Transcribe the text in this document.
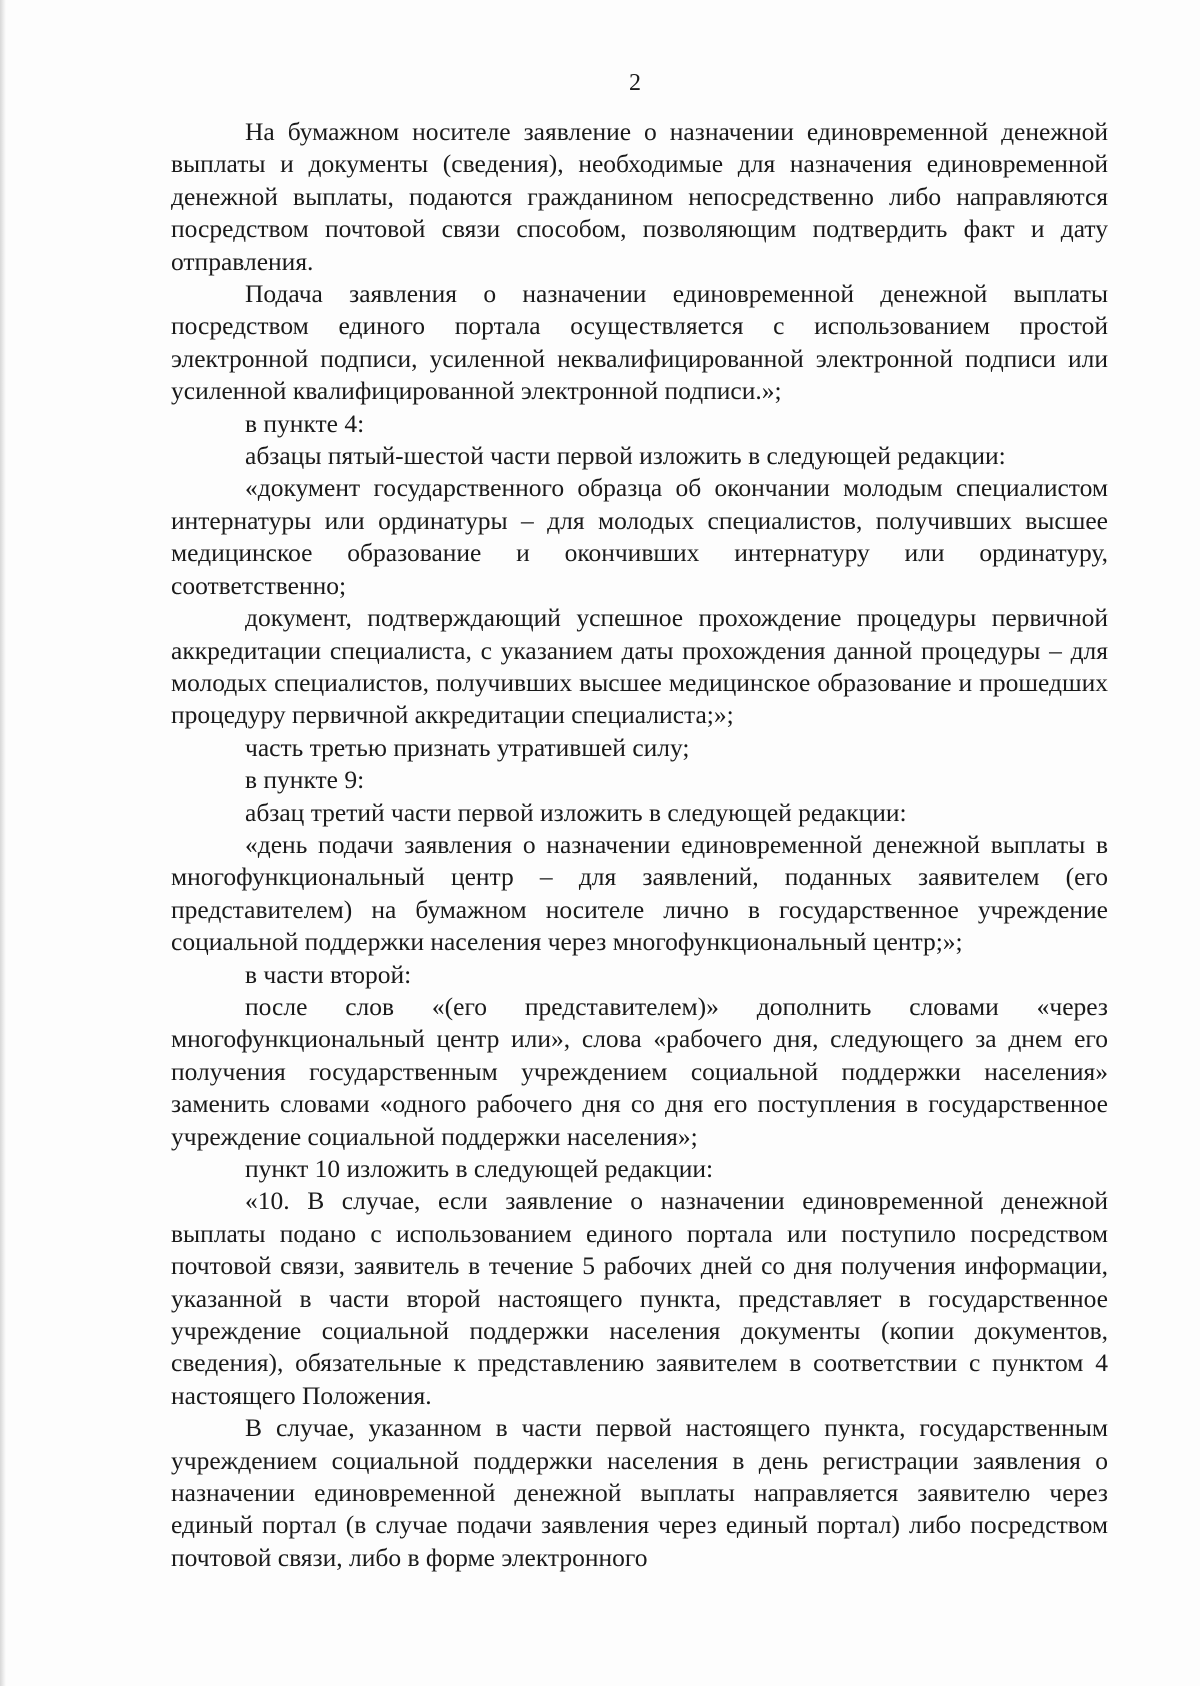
2

На бумажном носителе заявление о назначении единовременной денежной выплаты и документы (сведения), необходимые для назначения единовременной денежной выплаты, подаются гражданином непосредственно либо направляются посредством почтовой связи способом, позволяющим подтвердить факт и дату отправления.

Подача заявления о назначении единовременной денежной выплаты посредством единого портала осуществляется с использованием простой электронной подписи, усиленной неквалифицированной электронной подписи или усиленной квалифицированной электронной подписи.»;

в пункте 4:

абзацы пятый-шестой части первой изложить в следующей редакции:

«документ государственного образца об окончании молодым специалистом интернатуры или ординатуры – для молодых специалистов, получивших высшее медицинское образование и окончивших интернатуру или ординатуру, соответственно;

документ, подтверждающий успешное прохождение процедуры первичной аккредитации специалиста, с указанием даты прохождения данной процедуры – для молодых специалистов, получивших высшее медицинское образование и прошедших процедуру первичной аккредитации специалиста;»;

часть третью признать утратившей силу;

в пункте 9:

абзац третий части первой изложить в следующей редакции:

«день подачи заявления о назначении единовременной денежной выплаты в многофункциональный центр – для заявлений, поданных заявителем (его представителем) на бумажном носителе лично в государственное учреждение социальной поддержки населения через многофункциональный центр;»;

в части второй:

после слов «(его представителем)» дополнить словами «через многофункциональный центр или», слова «рабочего дня, следующего за днем его получения государственным учреждением социальной поддержки населения» заменить словами «одного рабочего дня со дня его поступления в государственное учреждение социальной поддержки населения»;

пункт 10 изложить в следующей редакции:

«10. В случае, если заявление о назначении единовременной денежной выплаты подано с использованием единого портала или поступило посредством почтовой связи, заявитель в течение 5 рабочих дней со дня получения информации, указанной в части второй настоящего пункта, представляет в государственное учреждение социальной поддержки населения документы (копии документов, сведения), обязательные к представлению заявителем в соответствии с пунктом 4 настоящего Положения.

В случае, указанном в части первой настоящего пункта, государственным учреждением социальной поддержки населения в день регистрации заявления о назначении единовременной денежной выплаты направляется заявителю через единый портал (в случае подачи заявления через единый портал) либо посредством почтовой связи, либо в форме электронного
